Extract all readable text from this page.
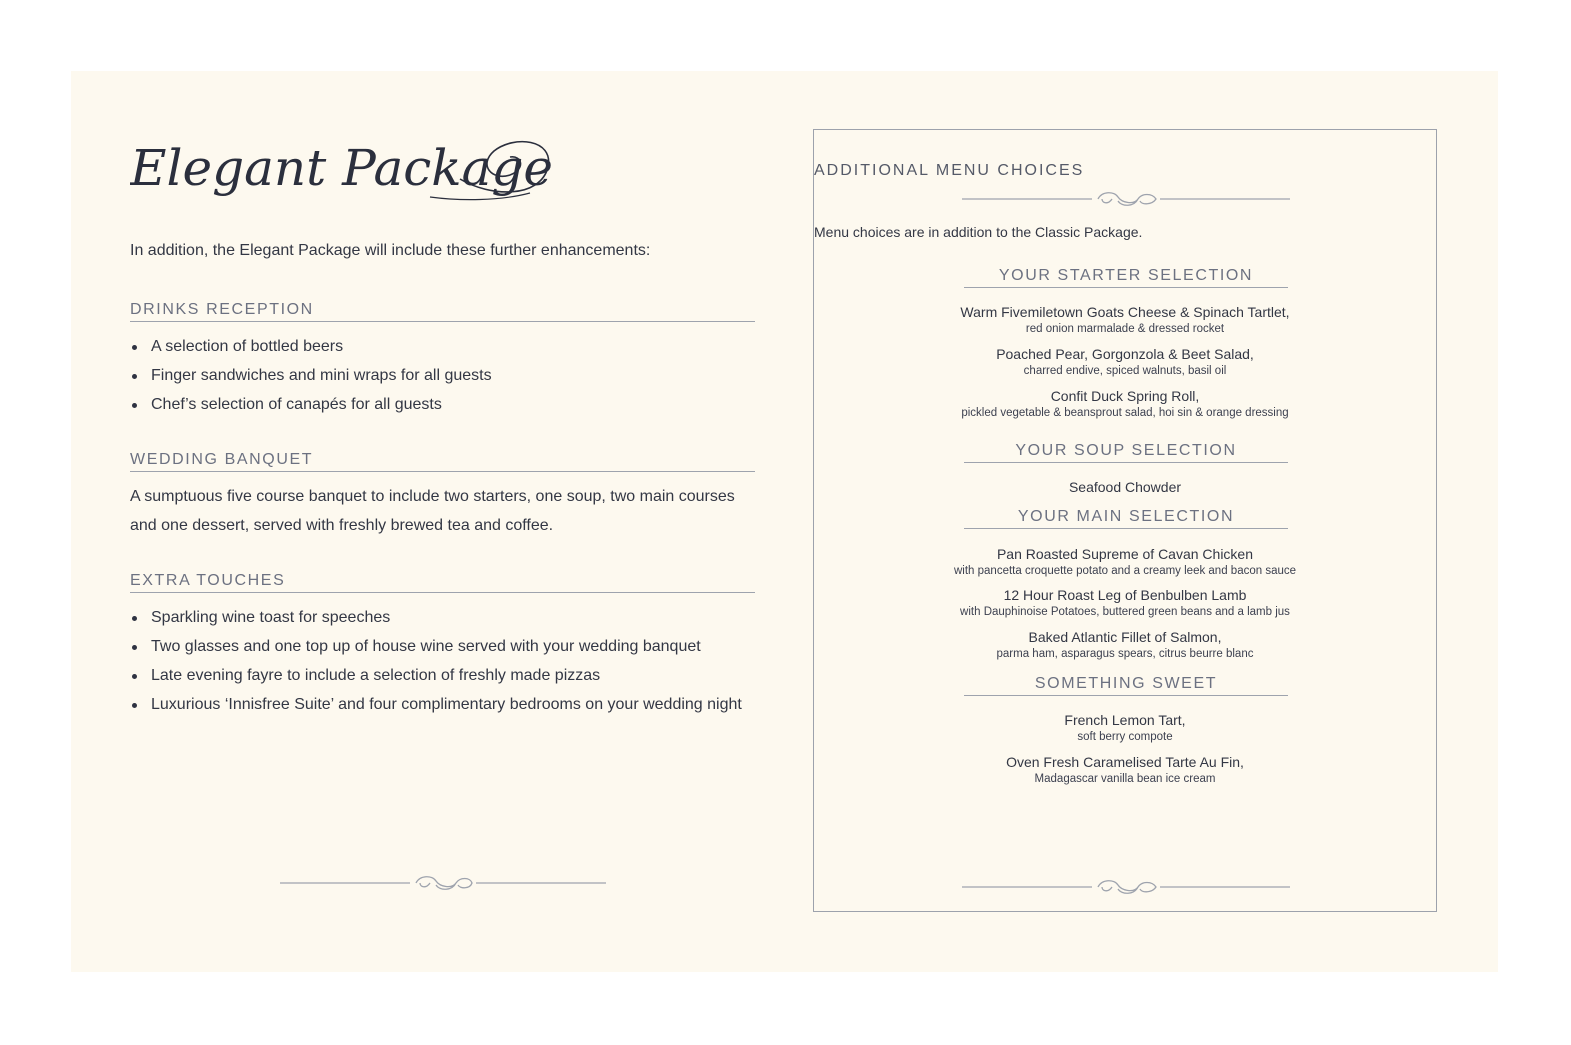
Elegant Package
In addition, the Elegant Package will include these further enhancements:
DRINKS RECEPTION
A selection of bottled beers
Finger sandwiches and mini wraps for all guests
Chef’s selection of canapés for all guests
WEDDING BANQUET

A sumptuous five course banquet to include two starters, one soup, two main courses and one dessert, served with freshly brewed tea and coffee.

EXTRA TOUCHES
Sparkling wine toast for speeches
Two glasses and one top up of house wine served with your wedding banquet
Late evening fayre to include a selection of freshly made pizzas
Luxurious ‘Innisfree Suite’ and four complimentary bedrooms on your wedding night
ADDITIONAL MENU CHOICES
Menu choices are in addition to the Classic Package.
YOUR STARTER SELECTION
Warm Fivemiletown Goats Cheese & Spinach Tartlet,
red onion marmalade & dressed rocket
Poached Pear, Gorgonzola & Beet Salad,
charred endive, spiced walnuts, basil oil
Confit Duck Spring Roll,
pickled vegetable & beansprout salad, hoi sin & orange dressing
YOUR SOUP SELECTION
Seafood Chowder
YOUR MAIN SELECTION
Pan Roasted Supreme of Cavan Chicken
with pancetta croquette potato and a creamy leek and bacon sauce
12 Hour Roast Leg of Benbulben Lamb
with Dauphinoise Potatoes, buttered green beans and a lamb jus
Baked Atlantic Fillet of Salmon,
parma ham, asparagus spears, citrus beurre blanc
SOMETHING SWEET
French Lemon Tart,
soft berry compote
Oven Fresh Caramelised Tarte Au Fin,
Madagascar vanilla bean ice cream
